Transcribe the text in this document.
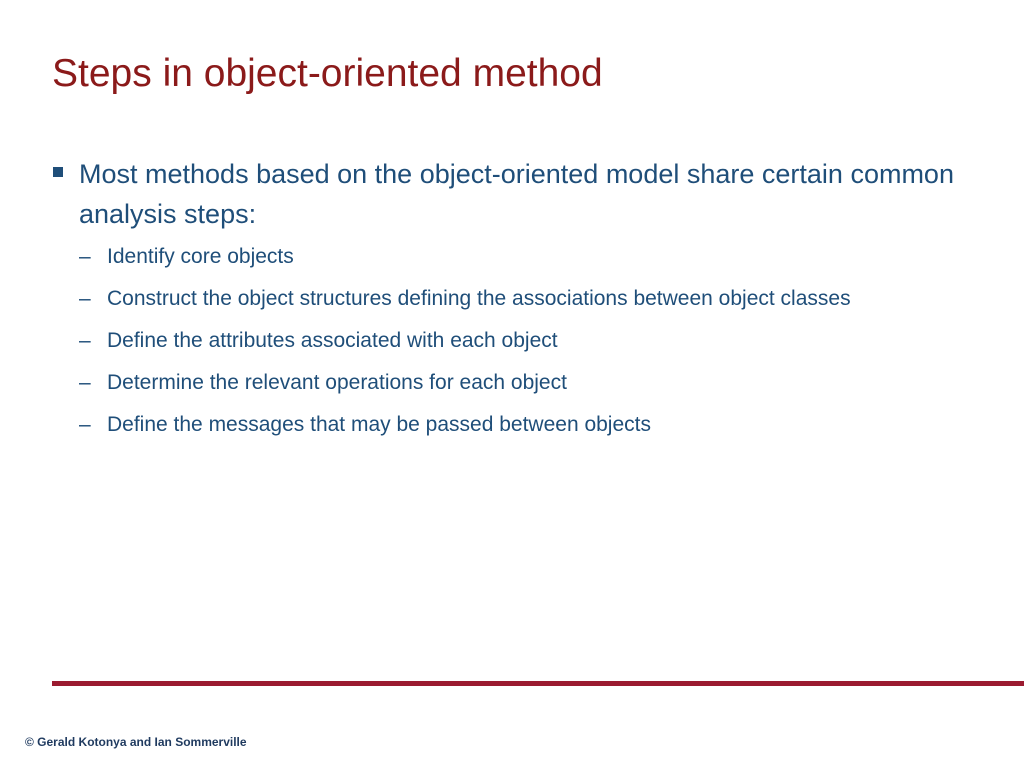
Steps in object-oriented method
Most methods based on the object-oriented model share certain common analysis steps:
– Identify core objects
– Construct the object structures defining the associations between object classes
– Define the attributes associated with each object
– Determine the relevant operations for each object
– Define the messages that may be passed between objects
© Gerald Kotonya and Ian Sommerville
